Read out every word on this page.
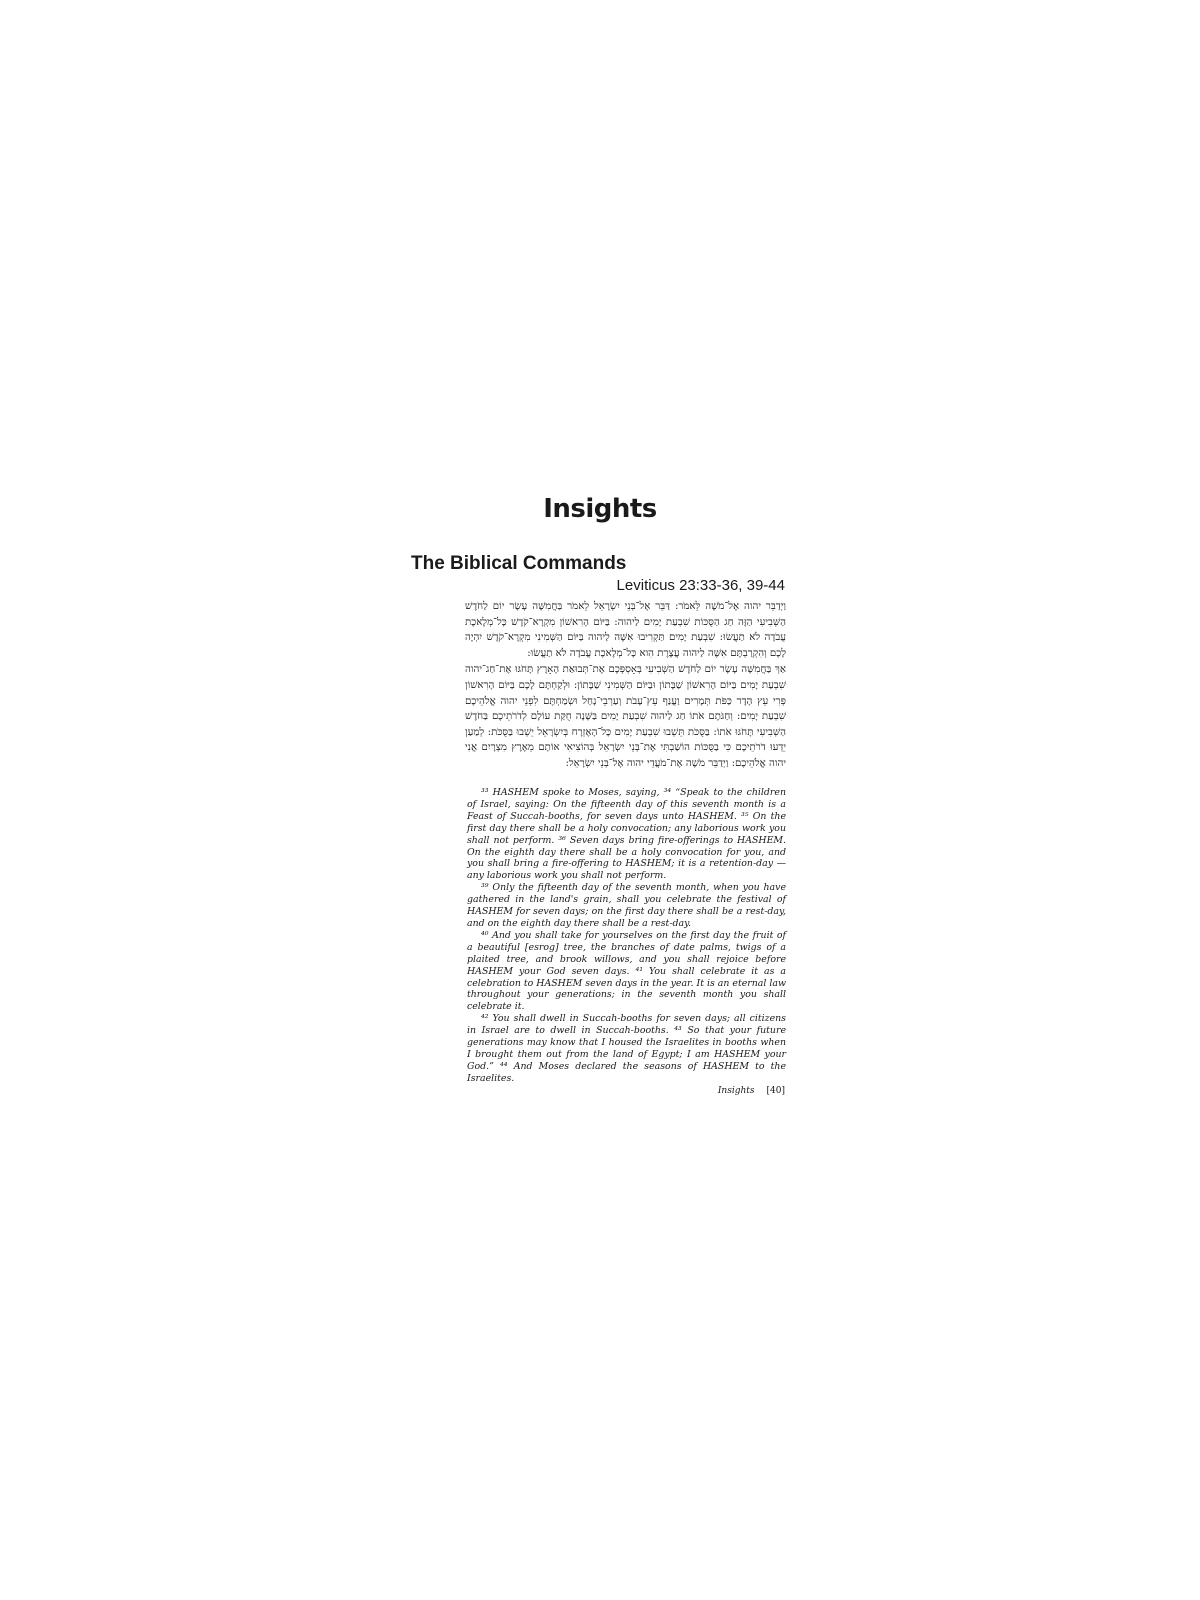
Insights
The Biblical Commands
Leviticus 23:33-36, 39-44

וַיְדַבֵּר יהוה אֶל־מֹשֶׁה לֵּאמֹר: דַּבֵּר אֶל־בְּנֵי יִשְׂרָאֵל לֵאמֹר בַּחֲמִשָּׁה עָשָׂר יוֹם לַחֹדֶשׁ הַשְּׁבִיעִי הַזֶּה חַג הַסֻּכּוֹת שִׁבְעַת יָמִים לַיהוה: בַּיּוֹם הָרִאשׁוֹן מִקְרָא־קֹדֶשׁ כָּל־מְלֶאכֶת עֲבֹדָה לֹא תַעֲשׂוּ: שִׁבְעַת יָמִים תַּקְרִיבוּ אִשֶּׁה לַיהוה בַּיּוֹם הַשְּׁמִינִי מִקְרָא־קֹדֶשׁ יִהְיֶה לָכֶם וְהִקְרַבְתֶּם אִשֶּׁה לַיהוה עֲצֶרֶת הִוא כָּל־מְלֶאכֶת עֲבֹדָה לֹא תַעֲשׂוּ:

אַךְ בַּחֲמִשָּׁה עָשָׂר יוֹם לַחֹדֶשׁ הַשְּׁבִיעִי בְּאָסְפְּכֶם אֶת־תְּבוּאַת הָאָרֶץ תָּחֹגּוּ אֶת־חַג־יהוה שִׁבְעַת יָמִים בַּיּוֹם הָרִאשׁוֹן שַׁבָּתוֹן וּבַיּוֹם הַשְּׁמִינִי שַׁבָּתוֹן: וּלְקַחְתֶּם לָכֶם בַּיּוֹם הָרִאשׁוֹן פְּרִי עֵץ הָדָר כַּפֹּת תְּמָרִים וַעֲנַף עֵץ־עָבֹת וְעַרְבֵי־נָחַל וּשְׂמַחְתֶּם לִפְנֵי יהוה אֱלֹהֵיכֶם שִׁבְעַת יָמִים: וְחַגֹּתֶם אֹתוֹ חַג לַיהוה שִׁבְעַת יָמִים בַּשָּׁנָה חֻקַּת עוֹלָם לְדֹרֹתֵיכֶם בַּחֹדֶשׁ הַשְּׁבִיעִי תָּחֹגּוּ אֹתוֹ: בַּסֻּכֹּת תֵּשְׁבוּ שִׁבְעַת יָמִים כָּל־הָאֶזְרָח בְּיִשְׂרָאֵל יֵשְׁבוּ בַּסֻּכֹּת: לְמַעַן יֵדְעוּ דֹרֹתֵיכֶם כִּי בַסֻּכּוֹת הוֹשַׁבְתִּי אֶת־בְּנֵי יִשְׂרָאֵל בְּהוֹצִיאִי אוֹתָם מֵאֶרֶץ מִצְרָיִם אֲנִי יהוה אֱלֹהֵיכֶם: וַיְדַבֵּר מֹשֶׁה אֶת־מֹעֲדֵי יהוה אֶל־בְּנֵי יִשְׂרָאֵל:

³³ HASHEM spoke to Moses, saying, ³⁴ “Speak to the children of Israel, saying: On the fifteenth day of this seventh month is a Feast of Succah-booths, for seven days unto HASHEM. ³⁵ On the first day there shall be a holy convocation; any laborious work you shall not perform. ³⁶ Seven days bring fire-offerings to HASHEM. On the eighth day there shall be a holy convocation for you, and you shall bring a fire-offering to HASHEM; it is a retention-day — any laborious work you shall not perform.

³⁹ Only the fifteenth day of the seventh month, when you have gathered in the land's grain, shall you celebrate the festival of HASHEM for seven days; on the first day there shall be a rest-day, and on the eighth day there shall be a rest-day.

⁴⁰ And you shall take for yourselves on the first day the fruit of a beautiful [esrog] tree, the branches of date palms, twigs of a plaited tree, and brook willows, and you shall rejoice before HASHEM your God seven days. ⁴¹ You shall celebrate it as a celebration to HASHEM seven days in the year. It is an eternal law throughout your generations; in the seventh month you shall celebrate it.

⁴² You shall dwell in Succah-booths for seven days; all citizens in Israel are to dwell in Succah-booths. ⁴³ So that your future generations may know that I housed the Israelites in booths when I brought them out from the land of Egypt; I am HASHEM your God.” ⁴⁴ And Moses declared the seasons of HASHEM to the Israelites.

Insights [40]
